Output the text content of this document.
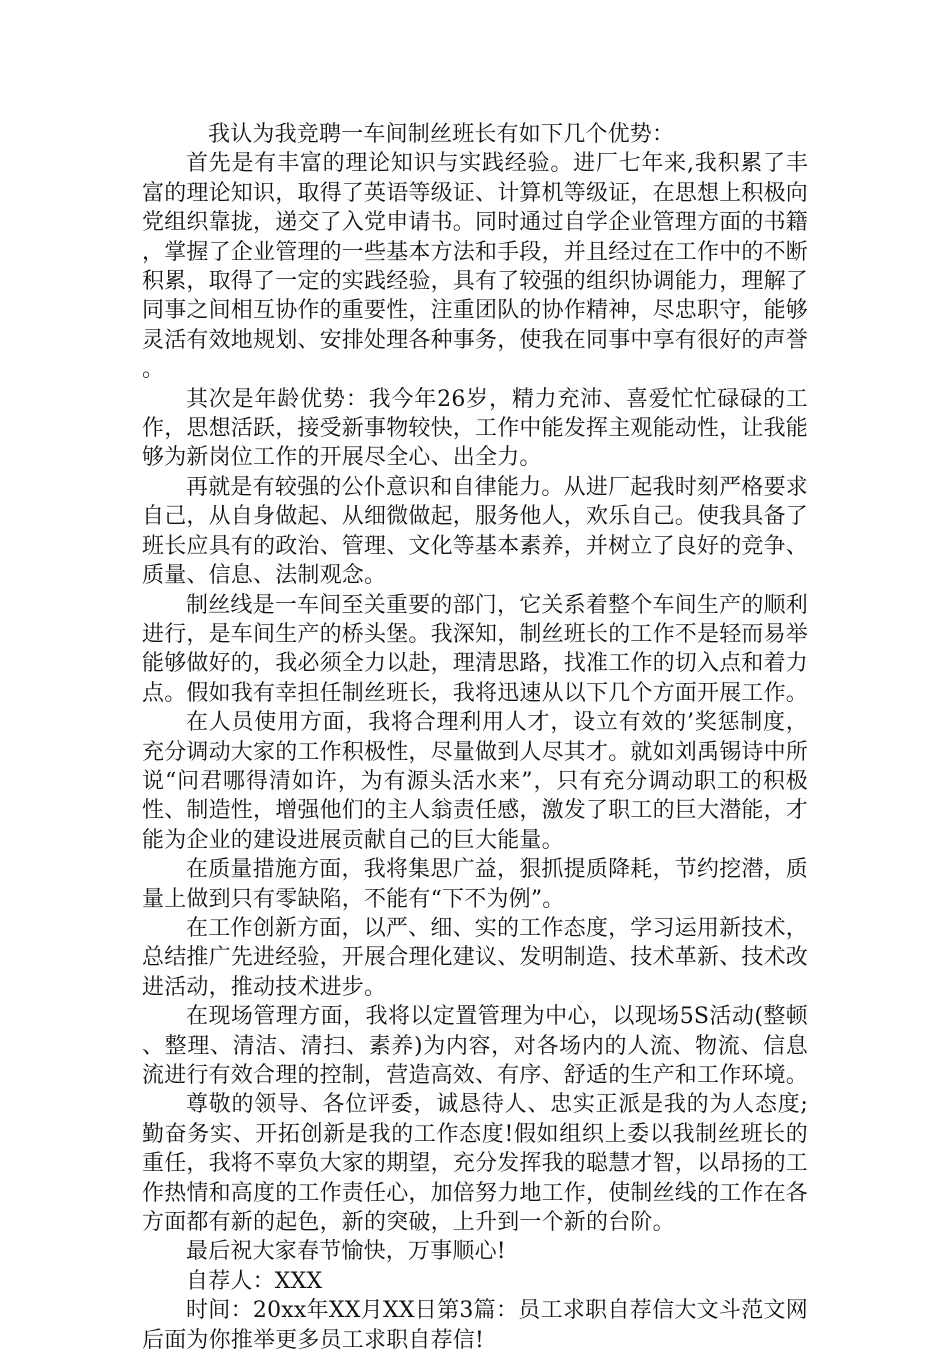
我认为我竞聘一车间制丝班长有如下几个优势：

首先是有丰富的理论知识与实践经验。进厂七年来,我积累了丰富的理论知识，取得了英语等级证、计算机等级证，在思想上积极向党组织靠拢，递交了入党申请书。同时通过自学企业管理方面的书籍，掌握了企业管理的一些基本方法和手段，并且经过在工作中的不断积累，取得了一定的实践经验，具有了较强的组织协调能力，理解了同事之间相互协作的重要性，注重团队的协作精神，尽忠职守，能够灵活有效地规划、安排处理各种事务，使我在同事中享有很好的声誉。

其次是年龄优势：我今年26岁，精力充沛、喜爱忙忙碌碌的工作，思想活跃，接受新事物较快，工作中能发挥主观能动性，让我能够为新岗位工作的开展尽全心、出全力。

再就是有较强的公仆意识和自律能力。从进厂起我时刻严格要求自己，从自身做起、从细微做起，服务他人，欢乐自己。使我具备了班长应具有的政治、管理、文化等基本素养，并树立了良好的竞争、质量、信息、法制观念。

制丝线是一车间至关重要的部门，它关系着整个车间生产的顺利进行，是车间生产的桥头堡。我深知，制丝班长的工作不是轻而易举能够做好的，我必须全力以赴，理清思路，找准工作的切入点和着力点。假如我有幸担任制丝班长，我将迅速从以下几个方面开展工作。

在人员使用方面，我将合理利用人才，设立有效的’奖惩制度，充分调动大家的工作积极性，尽量做到人尽其才。就如刘禹锡诗中所说“问君哪得清如许，为有源头活水来”，只有充分调动职工的积极性、制造性，增强他们的主人翁责任感，激发了职工的巨大潜能，才能为企业的建设进展贡献自己的巨大能量。

在质量措施方面，我将集思广益，狠抓提质降耗，节约挖潜，质量上做到只有零缺陷，不能有“下不为例”。

在工作创新方面，以严、细、实的工作态度，学习运用新技术，总结推广先进经验，开展合理化建议、发明制造、技术革新、技术改进活动，推动技术进步。

在现场管理方面，我将以定置管理为中心，以现场5S活动(整顿、整理、清洁、清扫、素养)为内容，对各场内的人流、物流、信息流进行有效合理的控制，营造高效、有序、舒适的生产和工作环境。

尊敬的领导、各位评委，诚恳待人、忠实正派是我的为人态度;勤奋务实、开拓创新是我的工作态度!假如组织上委以我制丝班长的重任，我将不辜负大家的期望，充分发挥我的聪慧才智，以昂扬的工作热情和高度的工作责任心，加倍努力地工作，使制丝线的工作在各方面都有新的起色，新的突破，上升到一个新的台阶。

最后祝大家春节愉快，万事顺心!

自荐人：XXX

时间：20xx年XX月XX日第3篇：员工求职自荐信大文斗范文网后面为你推举更多员工求职自荐信!
